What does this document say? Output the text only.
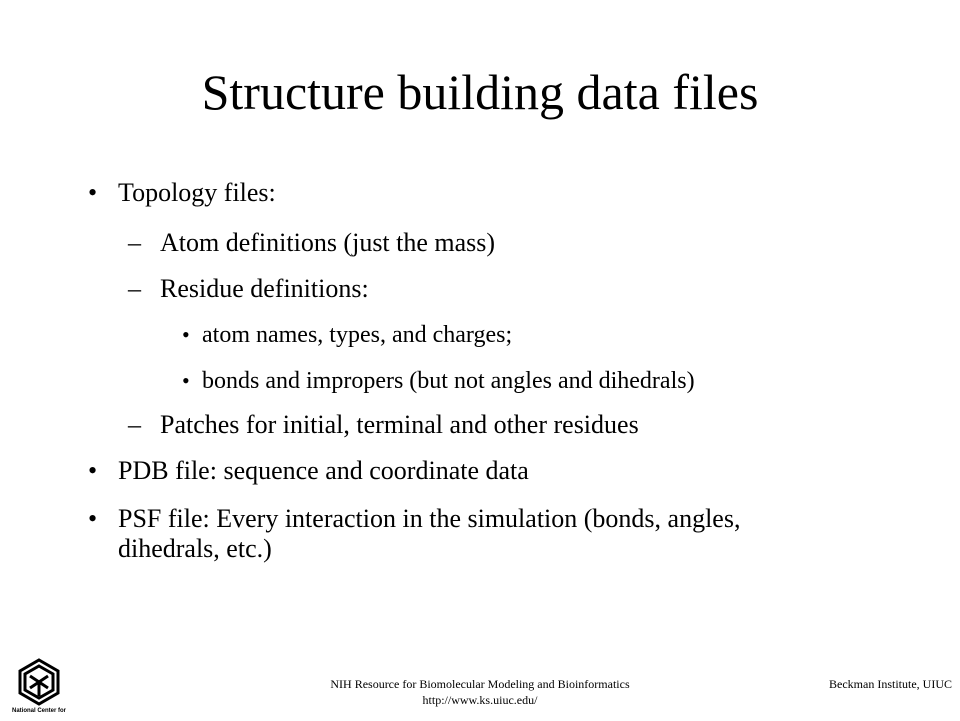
Structure building data files
• Topology files:
– Atom definitions (just the mass)
– Residue definitions:
• atom names, types, and charges;
• bonds and impropers (but not angles and dihedrals)
– Patches for initial, terminal and other residues
• PDB file: sequence and coordinate data
• PSF file: Every interaction in the simulation (bonds, angles, dihedrals, etc.)
National Center for
NIH Resource for Biomolecular Modeling and Bioinformatics
http://www.ks.uiuc.edu/
Beckman Institute, UIUC
